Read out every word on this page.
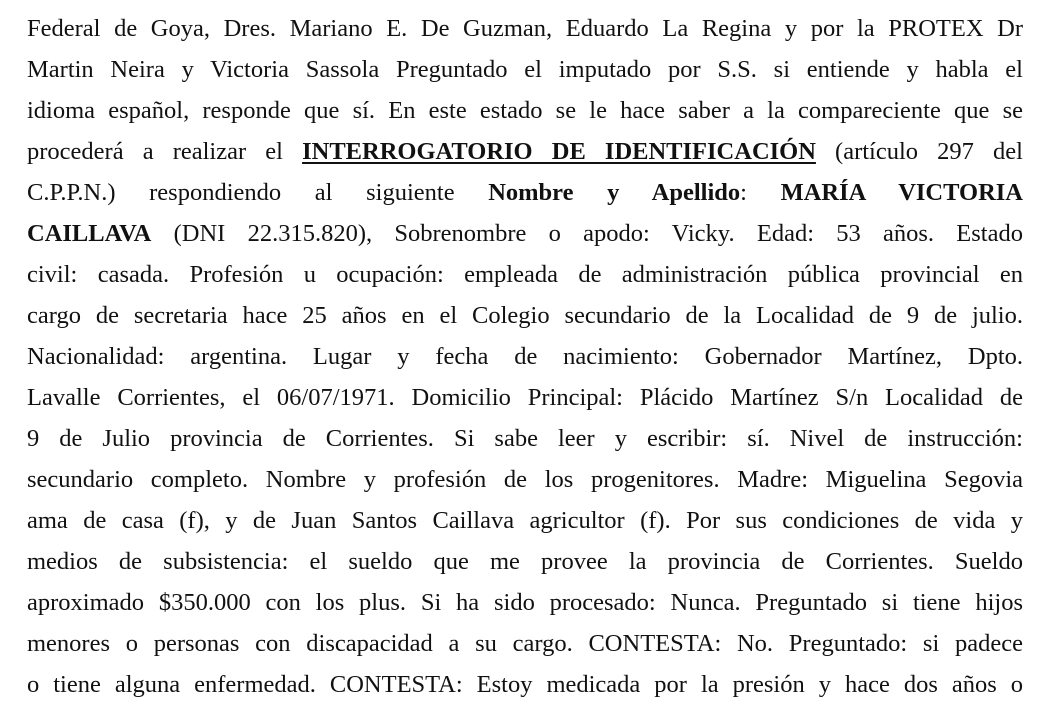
Federal de Goya, Dres. Mariano E. De Guzman, Eduardo La Regina y por la PROTEX Dr
Martin Neira y Victoria Sassola Preguntado el imputado por S.S. si entiende y habla el
idioma español, responde que sí. En este estado se le hace saber a la compareciente que se
procederá a realizar el INTERROGATORIO DE IDENTIFICACIÓN (artículo 297 del
C.P.P.N.) respondiendo al siguiente Nombre y Apellido: MARÍA VICTORIA
CAILLAVA (DNI 22.315.820), Sobrenombre o apodo: Vicky. Edad: 53 años. Estado
civil: casada. Profesión u ocupación: empleada de administración pública provincial en
cargo de secretaria hace 25 años en el Colegio secundario de la Localidad de 9 de julio.
Nacionalidad: argentina. Lugar y fecha de nacimiento: Gobernador Martínez, Dpto.
Lavalle Corrientes, el 06/07/1971. Domicilio Principal: Plácido Martínez S/n Localidad de
9 de Julio provincia de Corrientes. Si sabe leer y escribir: sí. Nivel de instrucción:
secundario completo. Nombre y profesión de los progenitores. Madre: Miguelina Segovia
ama de casa (f), y de Juan Santos Caillava agricultor (f). Por sus condiciones de vida y
medios de subsistencia: el sueldo que me provee la provincia de Corrientes. Sueldo
aproximado $350.000 con los plus. Si ha sido procesado: Nunca. Preguntado si tiene hijos
menores o personas con discapacidad a su cargo. CONTESTA: No. Preguntado: si padece
o tiene alguna enfermedad. CONTESTA: Estoy medicada por la presión y hace dos años o
